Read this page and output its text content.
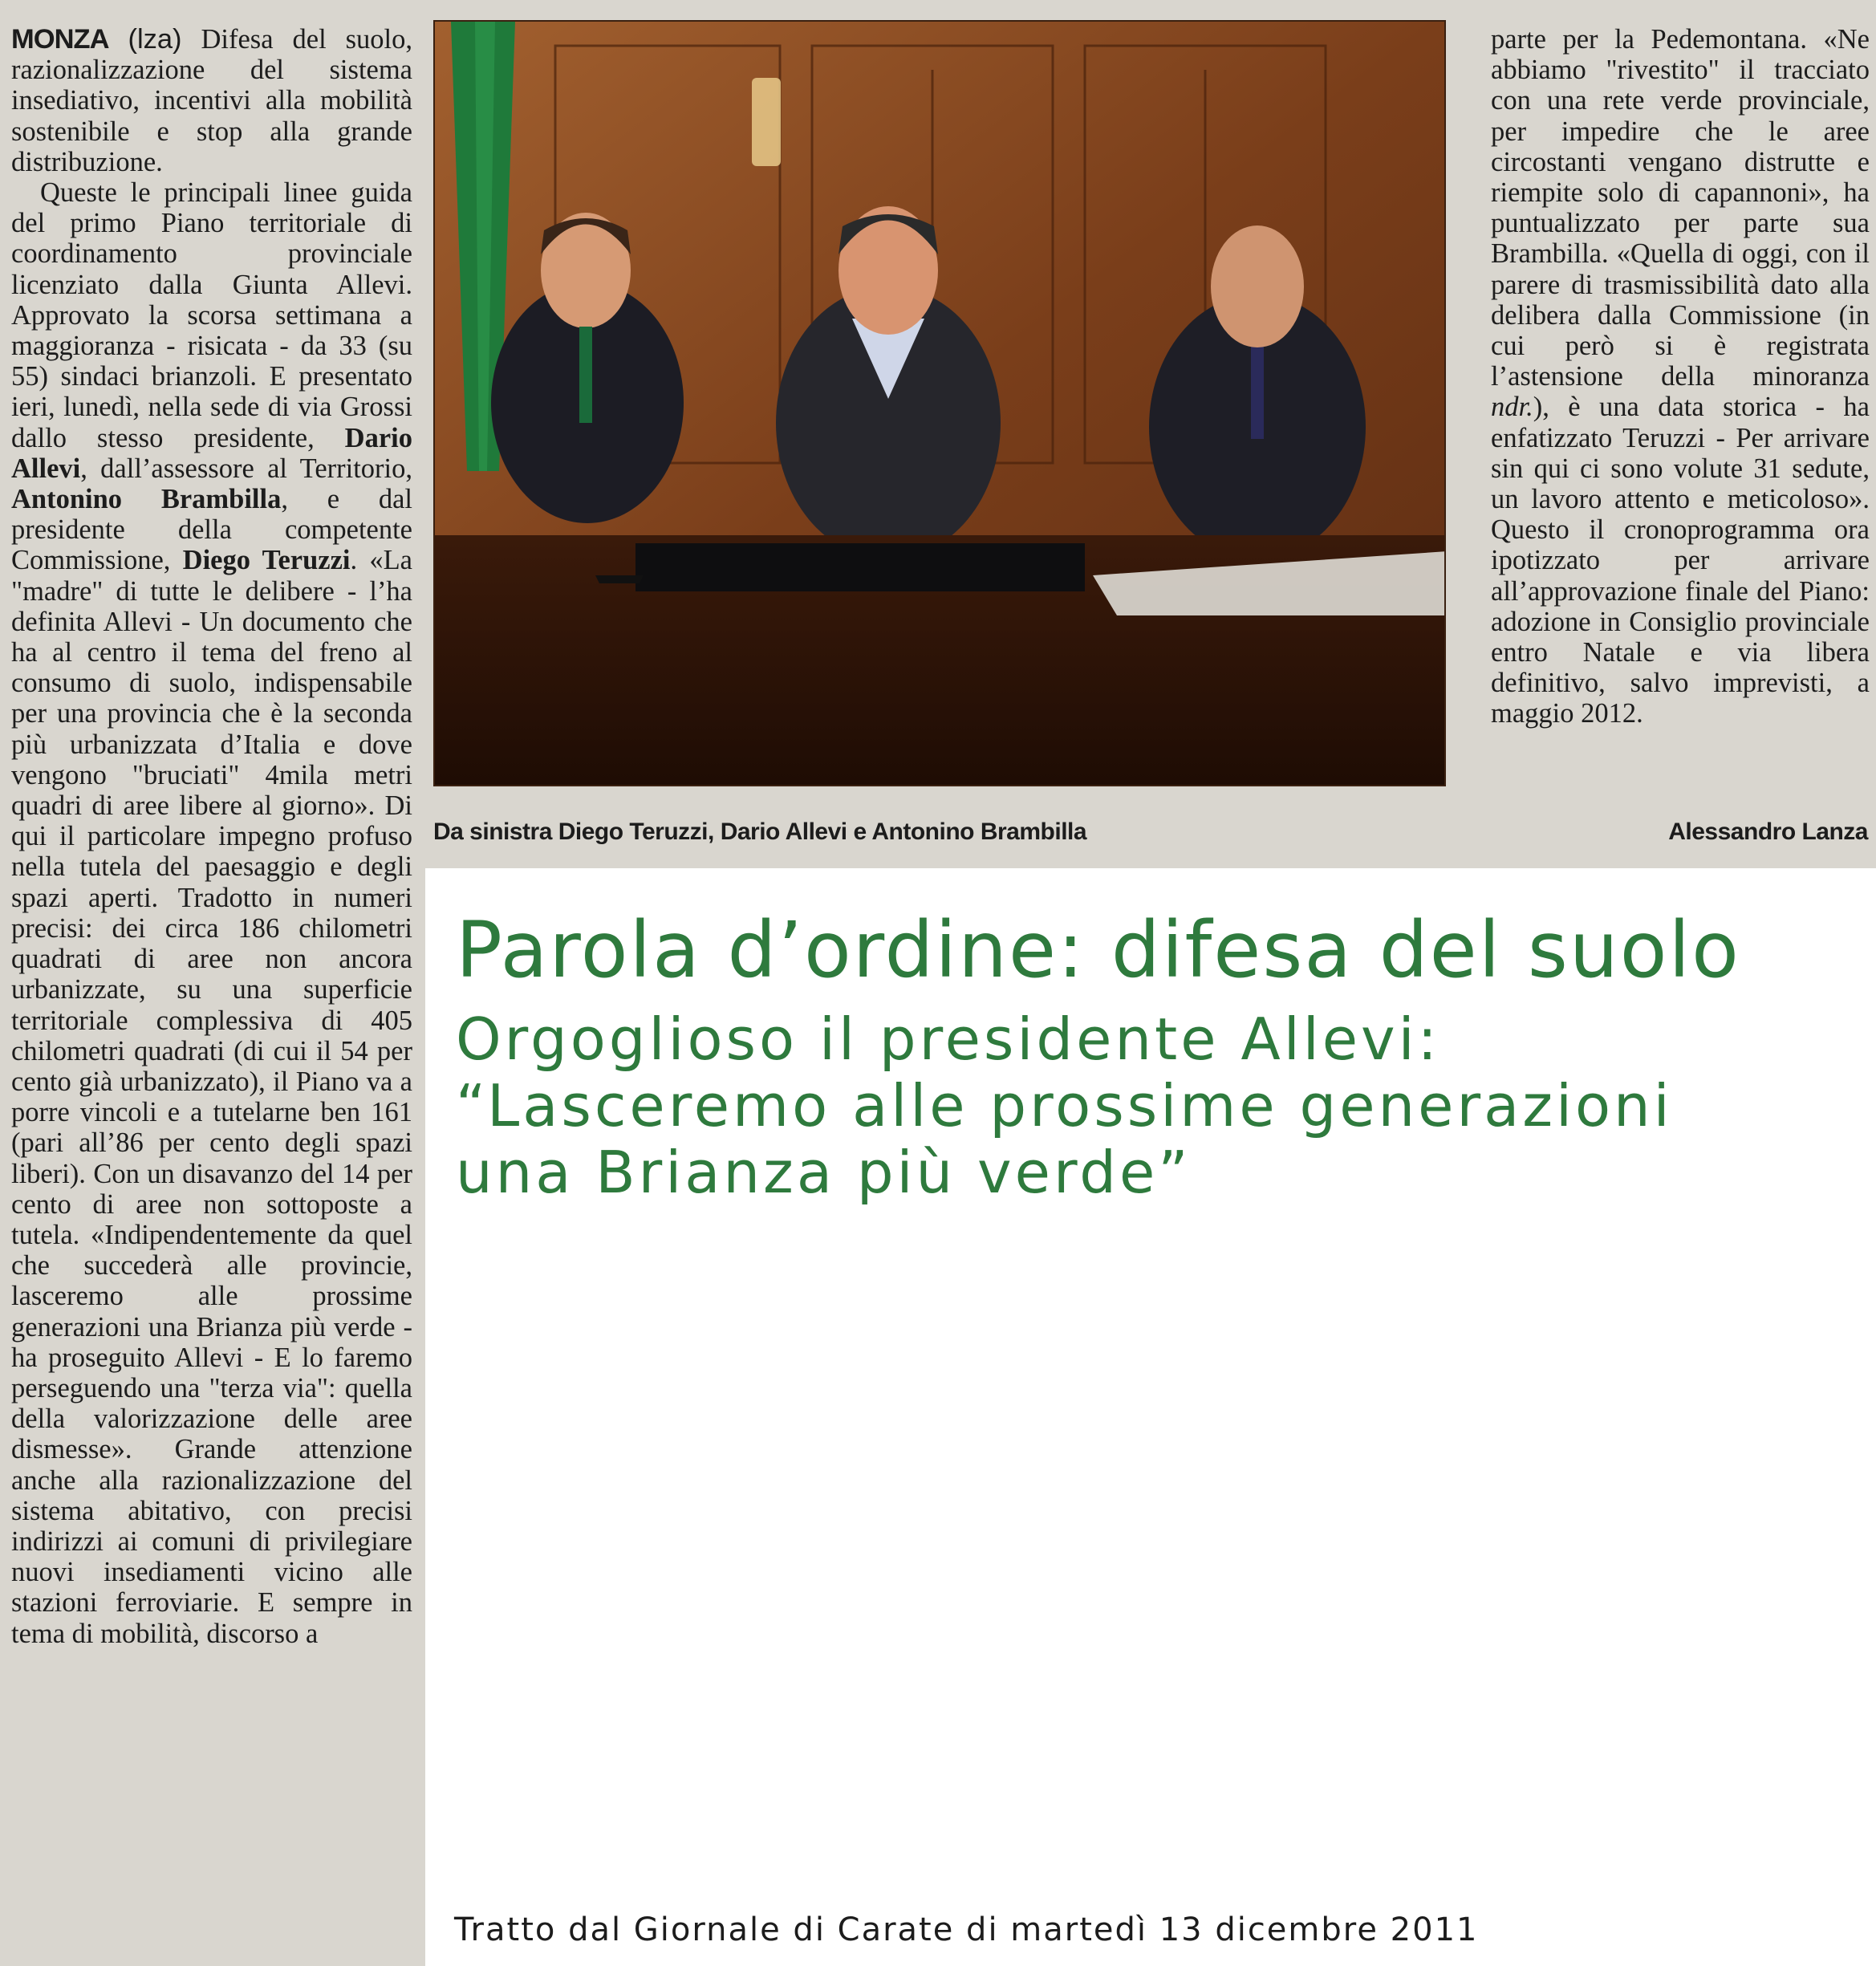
MONZA (lza) Difesa del suolo, razionalizzazione del sistema insediativo, incentivi alla mobilità sostenibile e stop alla grande distribuzione.

Queste le principali linee guida del primo Piano territoriale di coordinamento provinciale licenziato dalla Giunta Allevi. Approvato la scorsa settimana a maggioranza - risicata - da 33 (su 55) sindaci brianzoli. E presentato ieri, lunedì, nella sede di via Grossi dallo stesso presidente, Dario Allevi, dall’assessore al Territorio, Antonino Brambilla, e dal presidente della competente Commissione, Diego Teruzzi. «La "madre" di tutte le delibere - l’ha definita Allevi - Un documento che ha al centro il tema del freno al consumo di suolo, indispensabile per una provincia che è la seconda più urbanizzata d’Italia e dove vengono "bruciati" 4mila metri quadri di aree libere al giorno». Di qui il particolare impegno profuso nella tutela del paesaggio e degli spazi aperti. Tradotto in numeri precisi: dei circa 186 chilometri quadrati di aree non ancora urbanizzate, su una superficie territoriale complessiva di 405 chilometri quadrati (di cui il 54 per cento già urbanizzato), il Piano va a porre vincoli e a tutelarne ben 161 (pari all’86 per cento degli spazi liberi). Con un disavanzo del 14 per cento di aree non sottoposte a tutela. «Indipendentemente da quel che succederà alle provincie, lasceremo alle prossime generazioni una Brianza più verde - ha proseguito Allevi - E lo faremo perseguendo una "terza via": quella della valorizzazione delle aree dismesse». Grande attenzione anche alla razionalizzazione del sistema abitativo, con precisi indirizzi ai comuni di privilegiare nuovi insediamenti vicino alle stazioni ferroviarie. E sempre in tema di mobilità, discorso a

Da sinistra Diego Teruzzi, Dario Allevi e Antonino Brambilla	Alessandro Lanza

parte per la Pedemontana. «Ne abbiamo "rivestito" il tracciato con una rete verde provinciale, per impedire che le aree circostanti vengano distrutte e riempite solo di capannoni», ha puntualizzato per parte sua Brambilla. «Quella di oggi, con il parere di trasmissibilità dato alla delibera dalla Commissione (in cui però si è registrata l’astensione della minoranza ndr.), è una data storica - ha enfatizzato Teruzzi - Per arrivare sin qui ci sono volute 31 sedute, un lavoro attento e meticoloso». Questo il cronoprogramma ora ipotizzato per arrivare all’approvazione finale del Piano: adozione in Consiglio provinciale entro Natale e via libera definitivo, salvo imprevisti, a maggio 2012.

Parola d’ordine: difesa del suolo
Orgoglioso il presidente Allevi:
“Lasceremo alle prossime generazioni
una Brianza più verde”
Tratto dal Giornale di Carate di martedì 13 dicembre 2011
